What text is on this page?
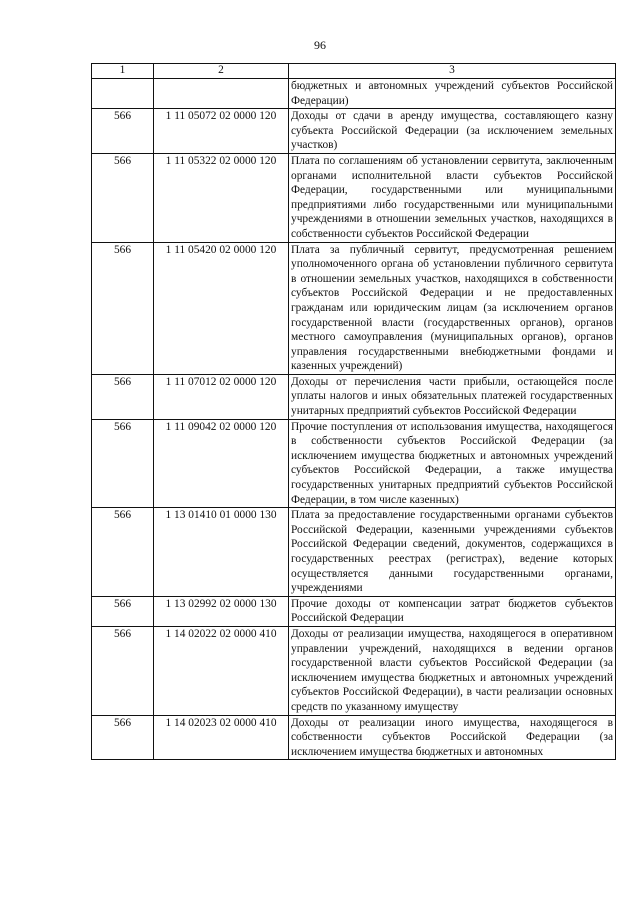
96
1	2	3
		бюджетных и автономных учреждений субъектов Российской Федерации)
566	1 11 05072 02 0000 120	Доходы от сдачи в аренду имущества, составляющего казну субъекта Российской Федерации (за исключением земельных участков)
566	1 11 05322 02 0000 120	Плата по соглашениям об установлении сервитута, заключенным органами исполнительной власти субъектов Российской Федерации, государственными или муниципальными предприятиями либо государственными или муниципальными учреждениями в отношении земельных участков, находящихся в собственности субъектов Российской Федерации
566	1 11 05420 02 0000 120	Плата за публичный сервитут, предусмотренная решением уполномоченного органа об установлении публичного сервитута в отношении земельных участков, находящихся в собственности субъектов Российской Федерации и не предоставленных гражданам или юридическим лицам (за исключением органов государственной власти (государственных органов), органов местного самоуправления (муниципальных органов), органов управления государственными внебюджетными фондами и казенных учреждений)
566	1 11 07012 02 0000 120	Доходы от перечисления части прибыли, остающейся после уплаты налогов и иных обязательных платежей государственных унитарных предприятий субъектов Российской Федерации
566	1 11 09042 02 0000 120	Прочие поступления от использования имущества, находящегося в собственности субъектов Российской Федерации (за исключением имущества бюджетных и автономных учреждений субъектов Российской Федерации, а также имущества государственных унитарных предприятий субъектов Российской Федерации, в том числе казенных)
566	1 13 01410 01 0000 130	Плата за предоставление государственными органами субъектов Российской Федерации, казенными учреждениями субъектов Российской Федерации сведений, документов, содержащихся в государственных реестрах (регистрах), ведение которых осуществляется данными государственными органами, учреждениями
566	1 13 02992 02 0000 130	Прочие доходы от компенсации затрат бюджетов субъектов Российской Федерации
566	1 14 02022 02 0000 410	Доходы от реализации имущества, находящегося в оперативном управлении учреждений, находящихся в ведении органов государственной власти субъектов Российской Федерации (за исключением имущества бюджетных и автономных учреждений субъектов Российской Федерации), в части реализации основных средств по указанному имуществу
566	1 14 02023 02 0000 410	Доходы от реализации иного имущества, находящегося в собственности субъектов Российской Федерации (за исключением имущества бюджетных и автономных
